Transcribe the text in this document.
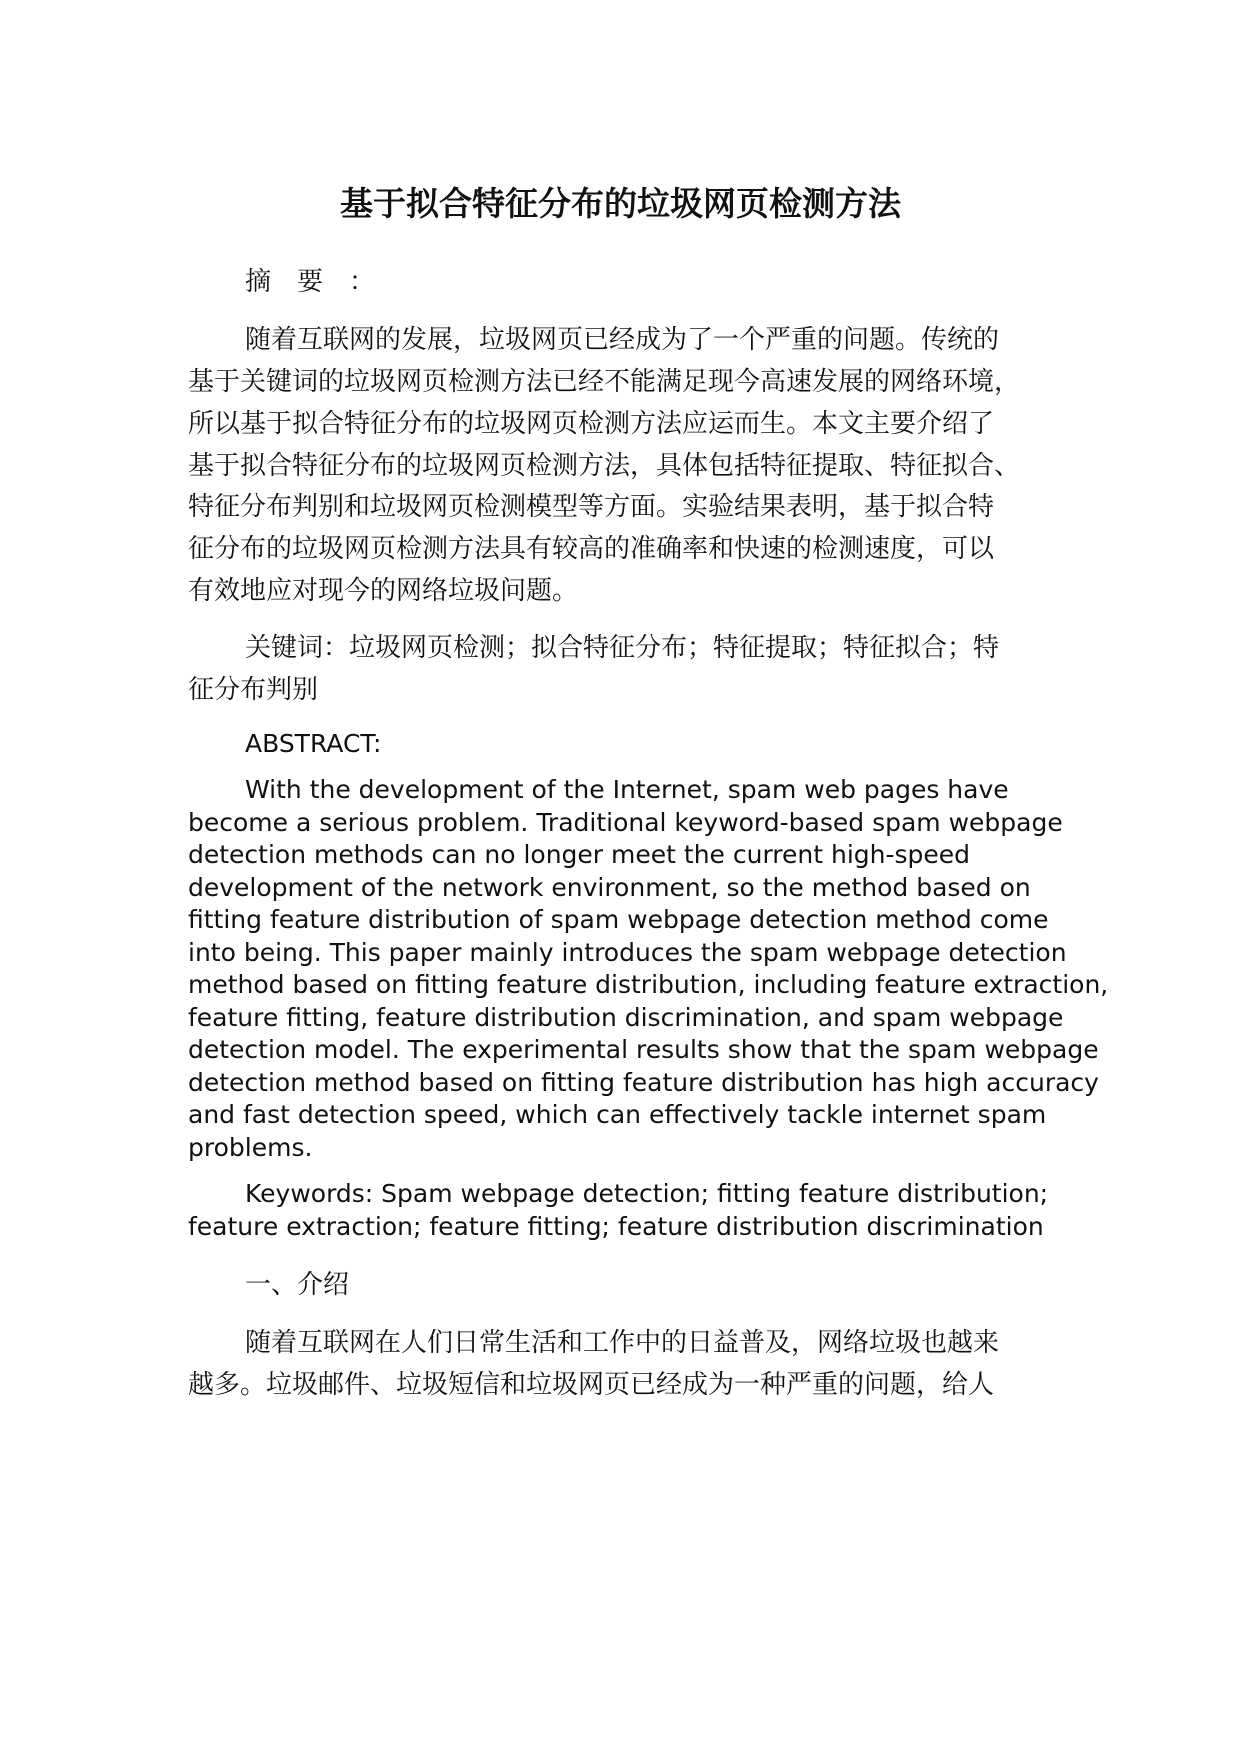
基于拟合特征分布的垃圾网页检测方法

摘要：

随着互联网的发展，垃圾网页已经成为了一个严重的问题。传统的

基于关键词的垃圾网页检测方法已经不能满足现今高速发展的网络环境，

所以基于拟合特征分布的垃圾网页检测方法应运而生。本文主要介绍了

基于拟合特征分布的垃圾网页检测方法，具体包括特征提取、特征拟合、

特征分布判别和垃圾网页检测模型等方面。实验结果表明，基于拟合特

征分布的垃圾网页检测方法具有较高的准确率和快速的检测速度，可以

有效地应对现今的网络垃圾问题。

关键词：垃圾网页检测；拟合特征分布；特征提取；特征拟合；特

征分布判别

ABSTRACT:

With the development of the Internet, spam web pages have

become a serious problem. Traditional keyword-based spam webpage

detection methods can no longer meet the current high-speed

development of the network environment, so the method based on

fitting feature distribution of spam webpage detection method come

into being. This paper mainly introduces the spam webpage detection

method based on fitting feature distribution, including feature extraction,

feature fitting, feature distribution discrimination, and spam webpage

detection model. The experimental results show that the spam webpage

detection method based on fitting feature distribution has high accuracy

and fast detection speed, which can effectively tackle internet spam

problems.

Keywords: Spam webpage detection; fitting feature distribution;

feature extraction; feature fitting; feature distribution discrimination

一、介绍

随着互联网在人们日常生活和工作中的日益普及，网络垃圾也越来

越多。垃圾邮件、垃圾短信和垃圾网页已经成为一种严重的问题，给人
